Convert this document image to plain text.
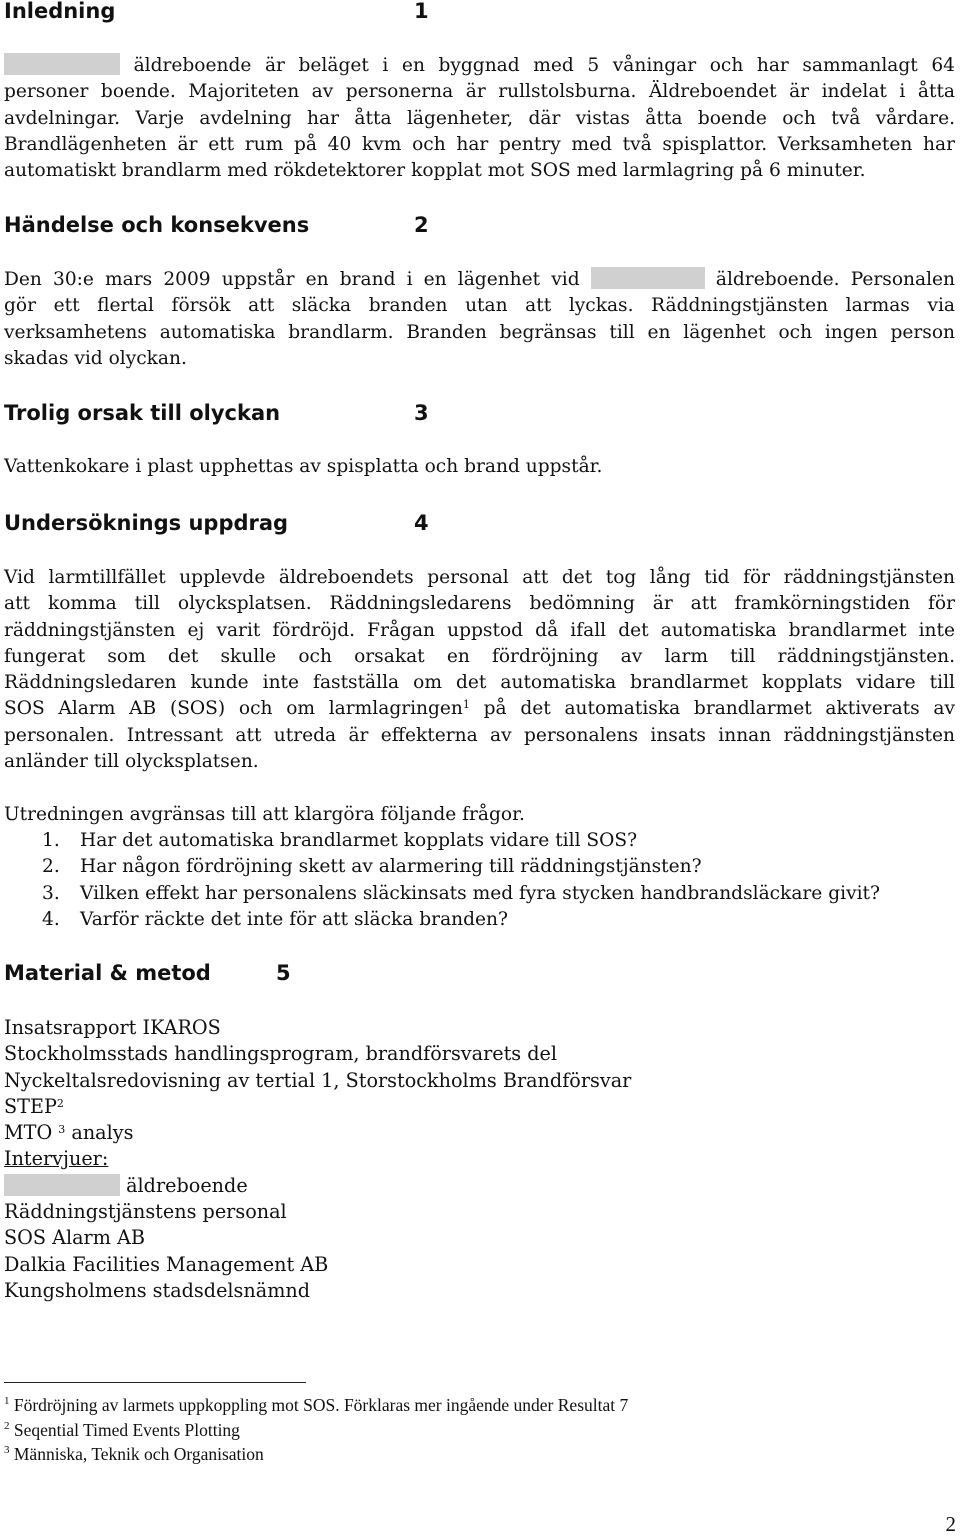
Inledning	1
äldreboende är beläget i en byggnad med 5 våningar och har sammanlagt 64
personer boende. Majoriteten av personerna är rullstolsburna. Äldreboendet är indelat i åtta
avdelningar. Varje avdelning har åtta lägenheter, där vistas åtta boende och två vårdare.
Brandlägenheten är ett rum på 40 kvm och har pentry med två spisplattor. Verksamheten har
automatiskt brandlarm med rökdetektorer kopplat mot SOS med larmlagring på 6 minuter.
Händelse och konsekvens	2
Den 30:e mars 2009 uppstår en brand i en lägenhet vid	äldreboende. Personalen
gör ett flertal försök att släcka branden utan att lyckas. Räddningstjänsten larmas via
verksamhetens automatiska brandlarm. Branden begränsas till en lägenhet och ingen person
skadas vid olyckan.
Trolig orsak till olyckan	3
Vattenkokare i plast upphettas av spisplatta och brand uppstår.
Undersöknings uppdrag	4
Vid larmtillfället upplevde äldreboendets personal att det tog lång tid för räddningstjänsten
att komma till olycksplatsen. Räddningsledarens bedömning är att framkörningstiden för
räddningstjänsten ej varit fördröjd. Frågan uppstod då ifall det automatiska brandlarmet inte
fungerat som det skulle och orsakat en fördröjning av larm till räddningstjänsten.
Räddningsledaren kunde inte fastställa om det automatiska brandlarmet kopplats vidare till
SOS Alarm AB (SOS) och om larmlagringen$^1$ på det automatiska brandlarmet aktiverats av
personalen. Intressant att utreda är effekterna av personalens insats innan räddningstjänsten
anländer till olycksplatsen.
Utredningen avgränsas till att klargöra följande frågor.
1. Har det automatiska brandlarmet kopplats vidare till SOS?
2. Har någon fördröjning skett av alarmering till räddningstjänsten?
3. Vilken effekt har personalens släckinsats med fyra stycken handbrandsläckare givit?
4. Varför räckte det inte för att släcka branden?
Material & metod	5
Insatsrapport IKAROS
Stockholmsstads handlingsprogram, brandförsvarets del
Nyckeltalsredovisning av tertial 1, Storstockholms Brandförsvar
STEP$^2$
MTO $^3$ analys
Intervjuer:
äldreboende
Räddningstjänstens personal
SOS Alarm AB
Dalkia Facilities Management AB
Kungsholmens stadsdelsnämnd
$^1$ Fördröjning av larmets uppkoppling mot SOS. Förklaras mer ingående under Resultat 7
$^2$ Seqential Timed Events Plotting
$^3$ Människa, Teknik och Organisation
2
